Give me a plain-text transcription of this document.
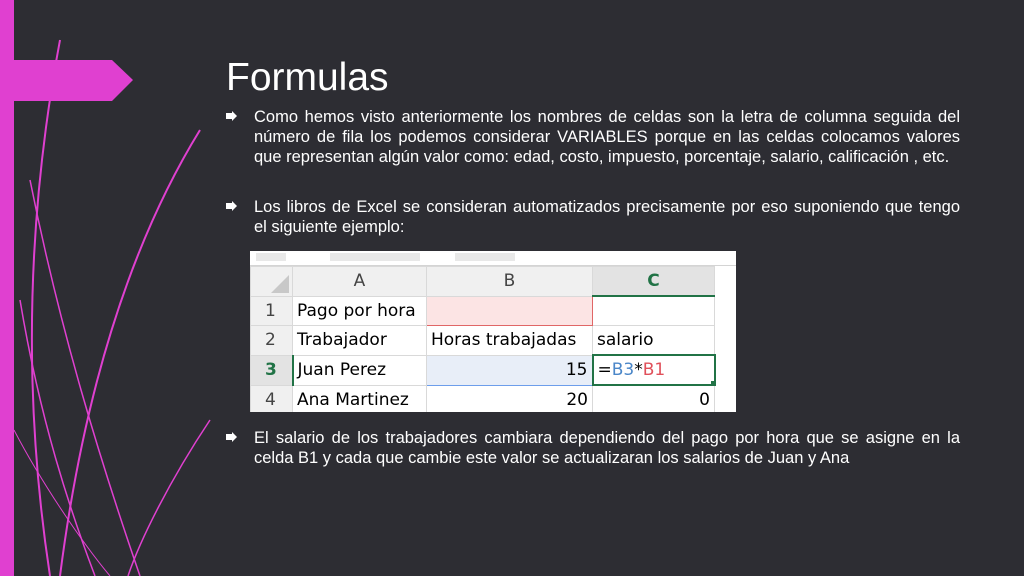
Formulas
Como hemos visto anteriormente los nombres de celdas son la letra de columna seguida del número de fila los podemos considerar VARIABLES porque en las celdas colocamos valores que representan algún valor como: edad, costo, impuesto, porcentaje, salario, calificación , etc.
Los libros de Excel se consideran automatizados precisamente por eso suponiendo que tengo el siguiente ejemplo:
	A	B	C
1	Pago por hora		
2	Trabajador	Horas trabajadas	salario
3	Juan Perez	15	=B3*B1

4	Ana Martinez	20	0
El salario de los trabajadores cambiara dependiendo del pago por hora que se asigne en la celda B1 y cada que cambie este valor se actualizaran los salarios de Juan y Ana
